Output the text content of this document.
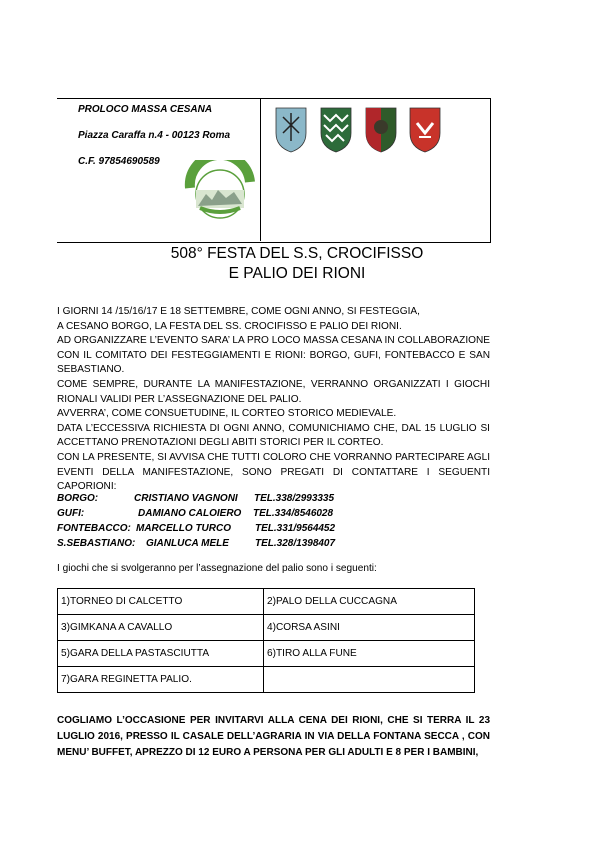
PROLOCO MASSA CESANA
Piazza Caraffa n.4 - 00123 Roma
C.F. 97854690589
508° FESTA DEL S.S, CROCIFISSO
E PALIO DEI RIONI

I GIORNI 14 /15/16/17 E 18 SETTEMBRE, COME OGNI ANNO, SI FESTEGGIA,

A CESANO BORGO, LA FESTA DEL SS. CROCIFISSO E PALIO DEI RIONI.

AD ORGANIZZARE L’EVENTO SARA’ LA PRO LOCO MASSA CESANA IN COLLABORAZIONE

CON IL COMITATO DEI FESTEGGIAMENTI E RIONI: BORGO, GUFI, FONTEBACCO E SAN

SEBASTIANO.

COME SEMPRE, DURANTE LA MANIFESTAZIONE, VERRANNO ORGANIZZATI I GIOCHI

RIONALI VALIDI PER L’ASSEGNAZIONE DEL PALIO.

AVVERRA’, COME CONSUETUDINE, IL CORTEO STORICO MEDIEVALE.

DATA L’ECCESSIVA RICHIESTA DI OGNI ANNO, COMUNICHIAMO CHE, DAL 15 LUGLIO SI

ACCETTANO PRENOTAZIONI DEGLI ABITI STORICI PER IL CORTEO.

CON LA PRESENTE, SI AVVISA CHE TUTTI COLORO CHE VORRANNO PARTECIPARE AGLI

EVENTI DELLA MANIFESTAZIONE, SONO PREGATI DI CONTATTARE I SEGUENTI

CAPORIONI:

BORGO:	CRISTIANO VAGNONI TEL.338/2993335
GUFI:	DAMIANO CALOIERO TEL.334/8546028
FONTEBACCO: MARCELLO TURCO TEL.331/9564452
S.SEBASTIANO: GIANLUCA MELE	TEL.328/1398407
I giochi che si svolgeranno per l’assegnazione del palio sono i seguenti:
1)TORNEO DI CALCETTO	2)PALO DELLA CUCCAGNA
3)GIMKANA A CAVALLO	4)CORSA ASINI
5)GARA DELLA PASTASCIUTTA	6)TIRO ALLA FUNE
7)GARA REGINETTA PALIO.	

COGLIAMO L’OCCASIONE PER INVITARVI ALLA CENA DEI RIONI, CHE SI TERRA IL 23

LUGLIO 2016, PRESSO IL CASALE DELL’AGRARIA IN VIA DELLA FONTANA SECCA , CON

MENU’ BUFFET, APREZZO DI 12 EURO A PERSONA PER GLI ADULTI E 8 PER I BAMBINI,
